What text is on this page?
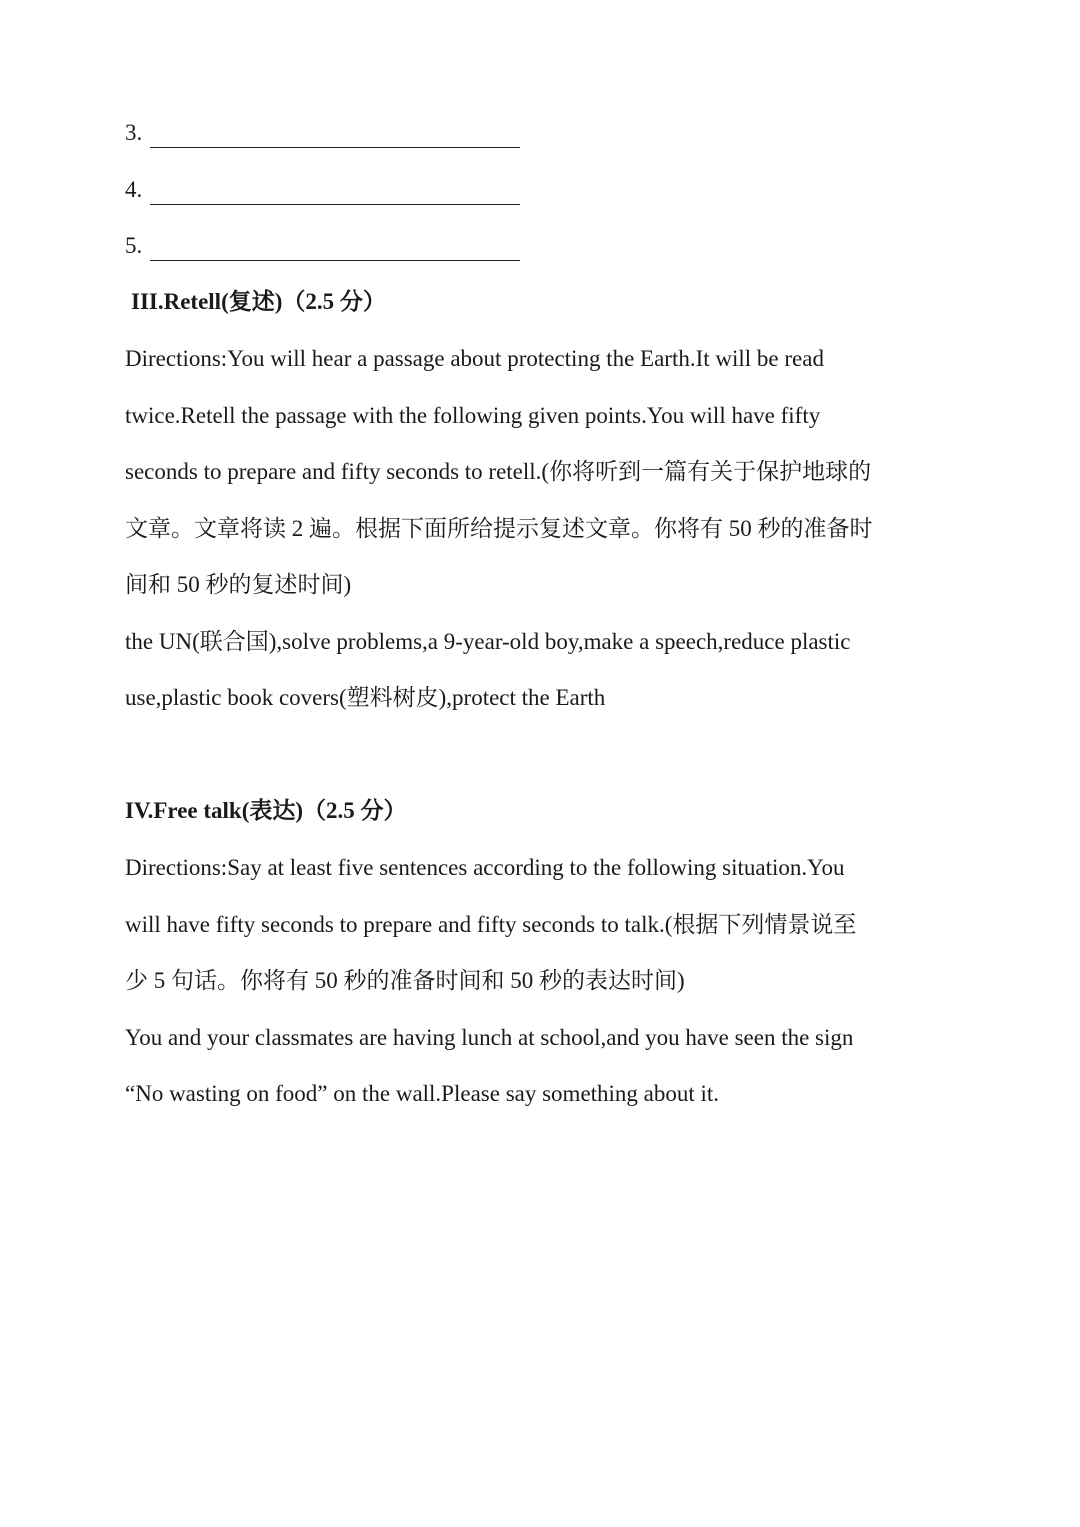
3.
4.
5.
III.Retell(复述)（2.5 分）

Directions:You will hear a passage about protecting the Earth.It will be read
twice.Retell the passage with the following given points.You will have fifty
seconds to prepare and fifty seconds to retell.(你将听到一篇有关于保护地球的
文章。文章将读 2 遍。根据下面所给提示复述文章。你将有 50 秒的准备时
间和 50 秒的复述时间)
the UN(联合国),solve problems,a 9-year-old boy,make a speech,reduce plastic
use,plastic book covers(塑料树皮),protect the Earth

IV.Free talk(表达)（2.5 分）

Directions:Say at least five sentences according to the following situation.You
will have fifty seconds to prepare and fifty seconds to talk.(根据下列情景说至
少 5 句话。你将有 50 秒的准备时间和 50 秒的表达时间)
You and your classmates are having lunch at school,and you have seen the sign
“No wasting on food” on the wall.Please say something about it.
